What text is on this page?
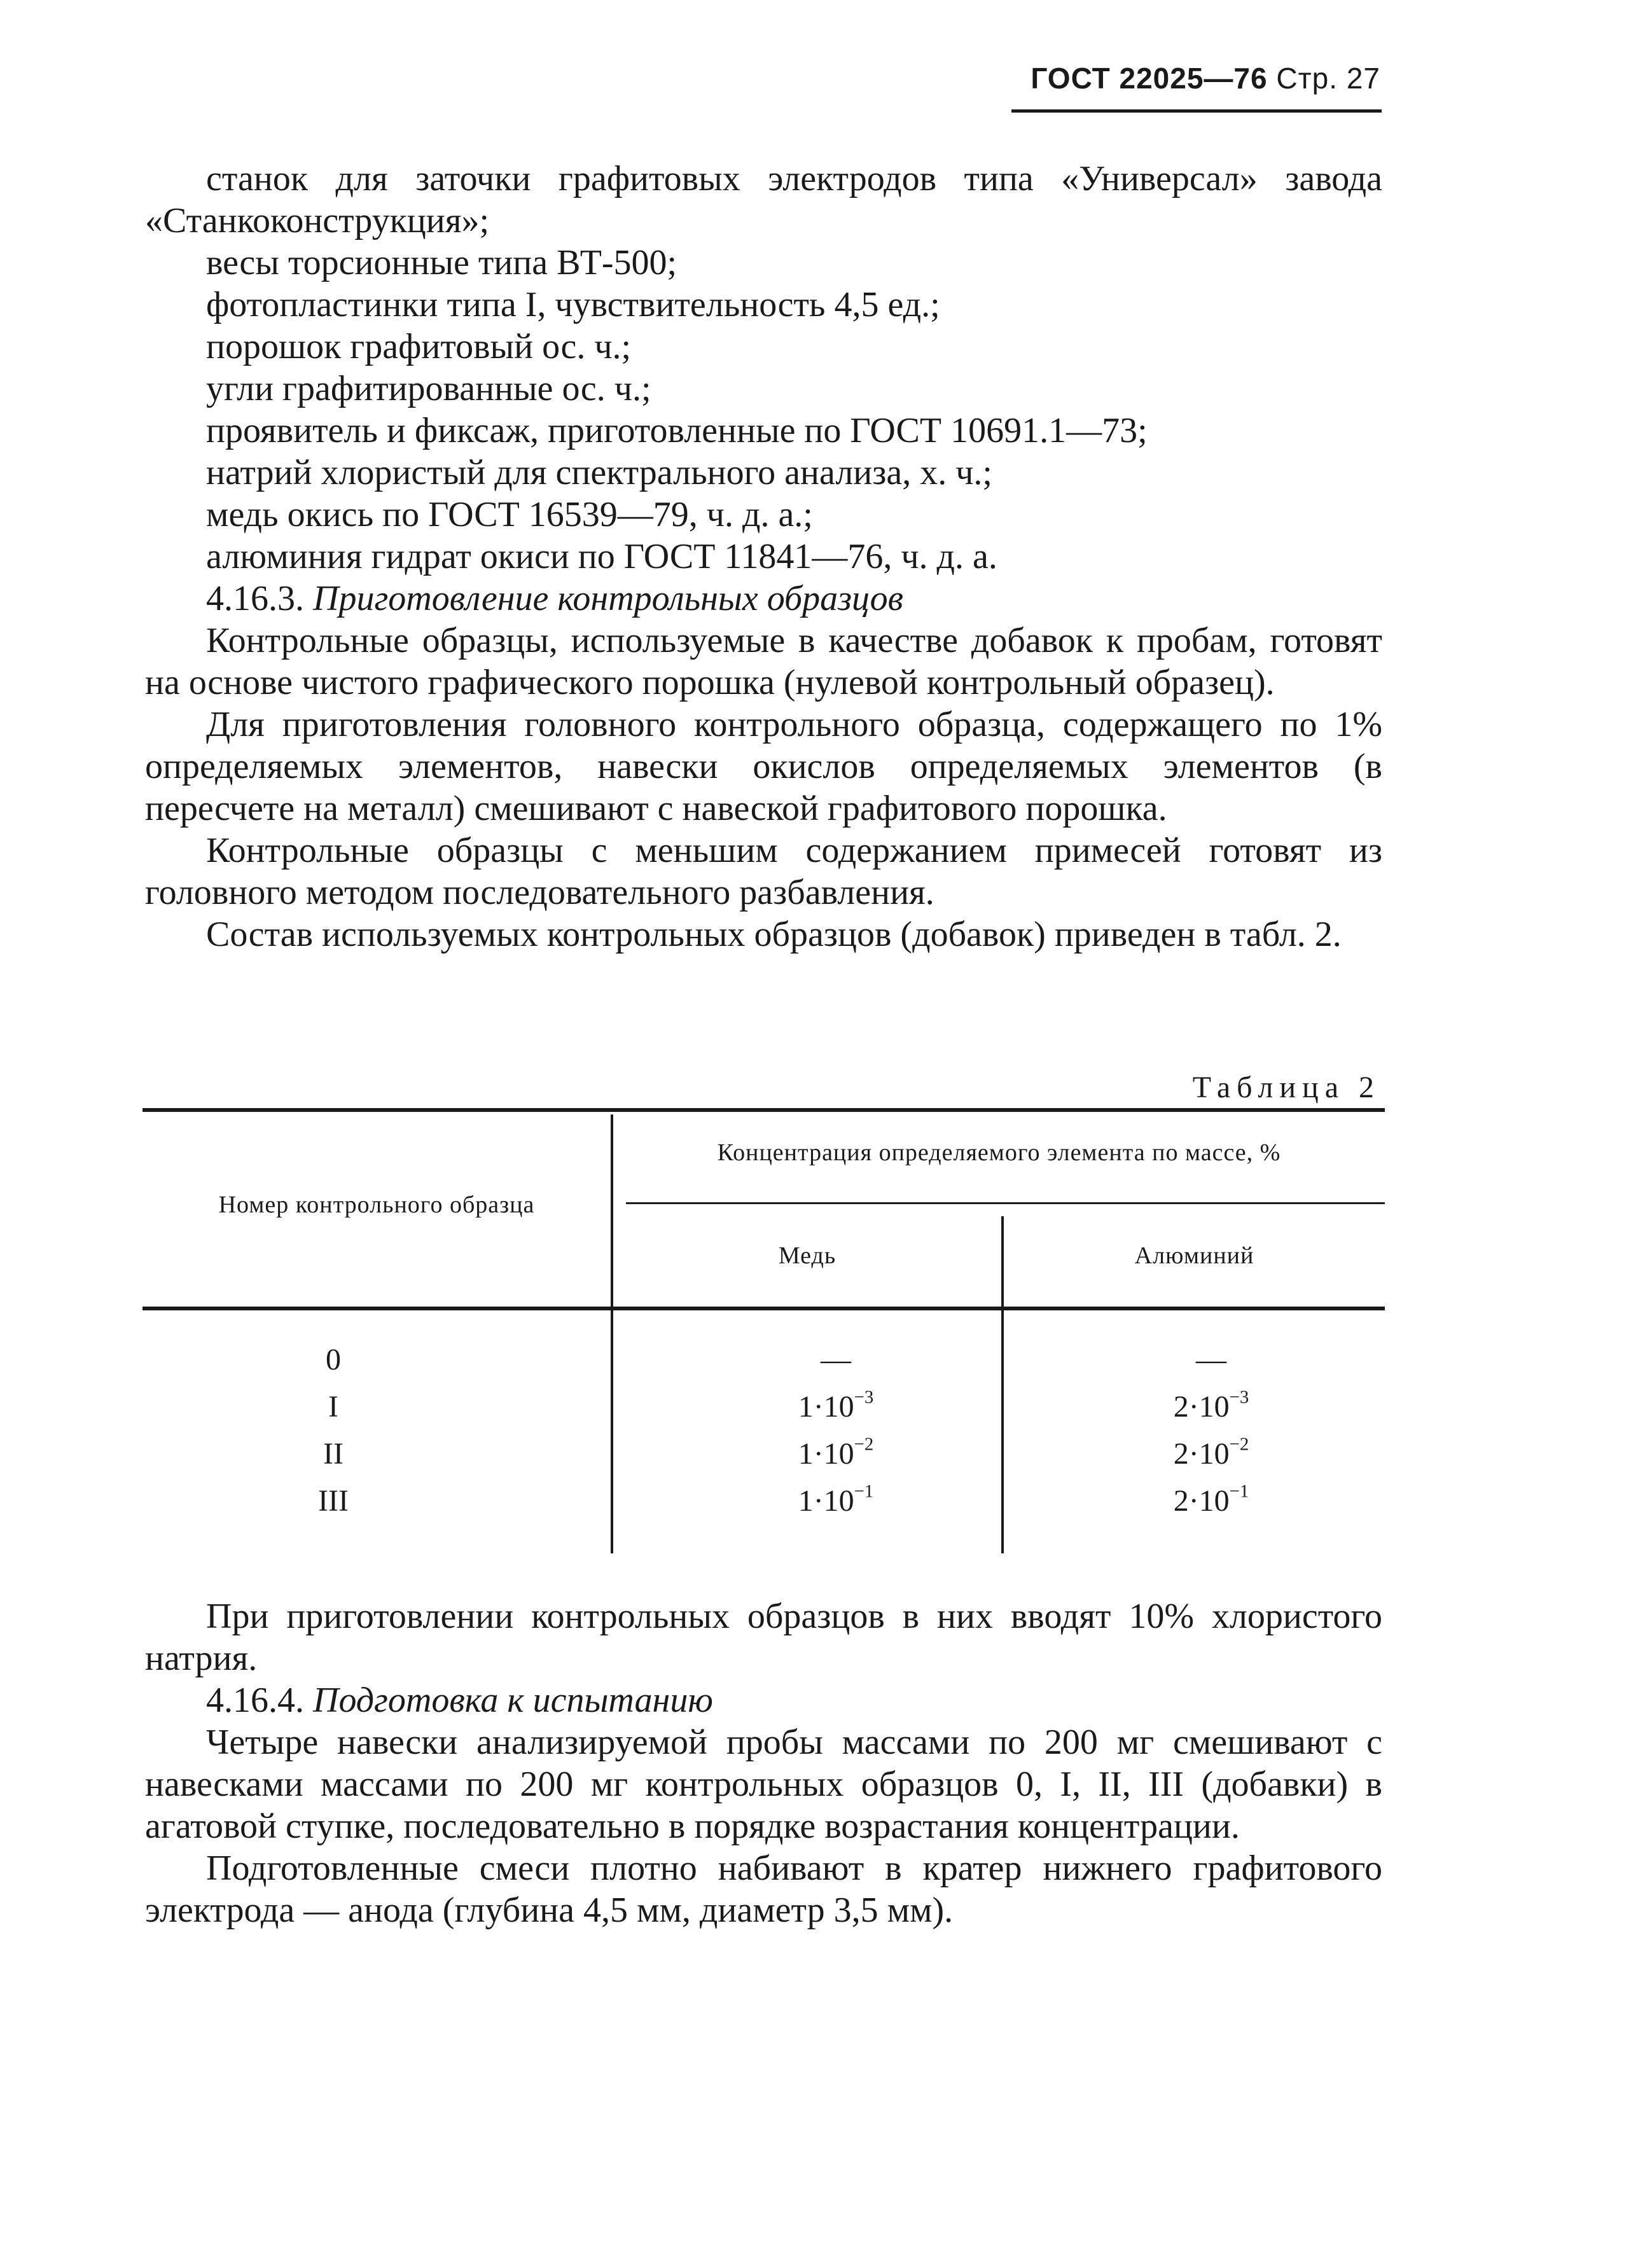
ГОСТ 22025—76 Стр. 27

станок для заточки графитовых электродов типа «Универсал» завода «Станкоконструкция»;

весы торсионные типа ВТ-500;

фотопластинки типа I, чувствительность 4,5 ед.;

порошок графитовый ос. ч.;

угли графитированные ос. ч.;

проявитель и фиксаж, приготовленные по ГОСТ 10691.1—73;

натрий хлористый для спектрального анализа, х. ч.;

медь окись по ГОСТ 16539—79, ч. д. а.;

алюминия гидрат окиси по ГОСТ 11841—76, ч. д. а.

4.16.3. Приготовление контрольных образцов

Контрольные образцы, используемые в качестве добавок к пробам, готовят на основе чистого графического порошка (нулевой контрольный образец).

Для приготовления головного контрольного образца, содержащего по 1% определяемых элементов, навески окислов определяемых элементов (в пересчете на металл) смешивают с навеской графитового порошка.

Контрольные образцы с меньшим содержанием примесей готовят из головного методом последовательного разбавления.

Состав используемых контрольных образцов (добавок) приведен в табл. 2.

Таблица 2
Номер контрольного образца
Концентрация определяемого элемента по массе, %
Медь	Алюминий
0	—	—
I	$1\cdot 10^{-3}$	$2\cdot 10^{-3}$
II	$1\cdot 10^{-2}$	$2\cdot 10^{-2}$
III	$1\cdot 10^{-1}$	$2\cdot 10^{-1}$

При приготовлении контрольных образцов в них вводят 10% хлористого натрия.

4.16.4. Подготовка к испытанию

Четыре навески анализируемой пробы массами по 200 мг смешивают с навесками массами по 200 мг контрольных образцов 0, I, II, III (добавки) в агатовой ступке, последовательно в порядке возрастания концентрации.

Подготовленные смеси плотно набивают в кратер нижнего графитового электрода — анода (глубина 4,5 мм, диаметр 3,5 мм).
